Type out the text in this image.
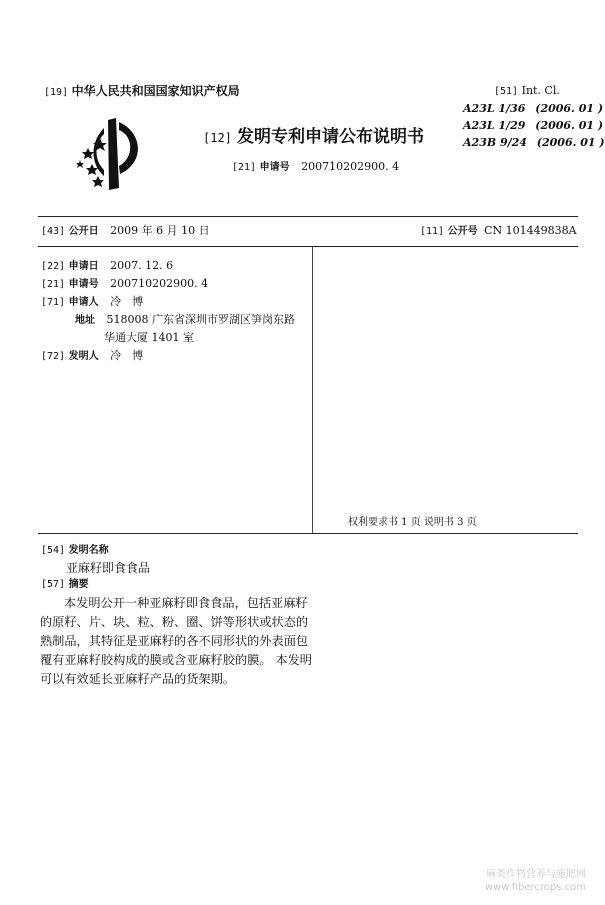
[19] 中华人民共和国国家知识产权局
[12] 发明专利申请公布说明书
[21] 申请号 200710202900. 4
[51] Int. Cl.
A23L 1/36 (2006. 01 )
A23L 1/29 (2006. 01 )
A23B 9/24 (2006. 01 )
[43] 公开日 2009 年 6 月 10 日	[11] 公开号 CN 101449838A
[22] 申请日 2007. 12. 6
[21] 申请号 200710202900. 4
[71] 申请人 冷　博
地址 518008 广东省深圳市罗湖区笋岗东路
华通大厦 1401 室
[72] 发明人 冷　博
权利要求书 1 页 说明书 3 页
[54] 发明名称
亚麻籽即食食品
[57] 摘要

本发明公开一种亚麻籽即食食品，包括亚麻籽

的原籽、片、块、粒、粉、圈、饼等形状或状态的

熟制品，其特征是亚麻籽的各不同形状的外表面包

覆有亚麻籽胶构成的膜或含亚麻籽胶的膜。 本发明

可以有效延长亚麻籽产品的货架期。

麻类作物营养与施肥网
www.fibercrops.com
